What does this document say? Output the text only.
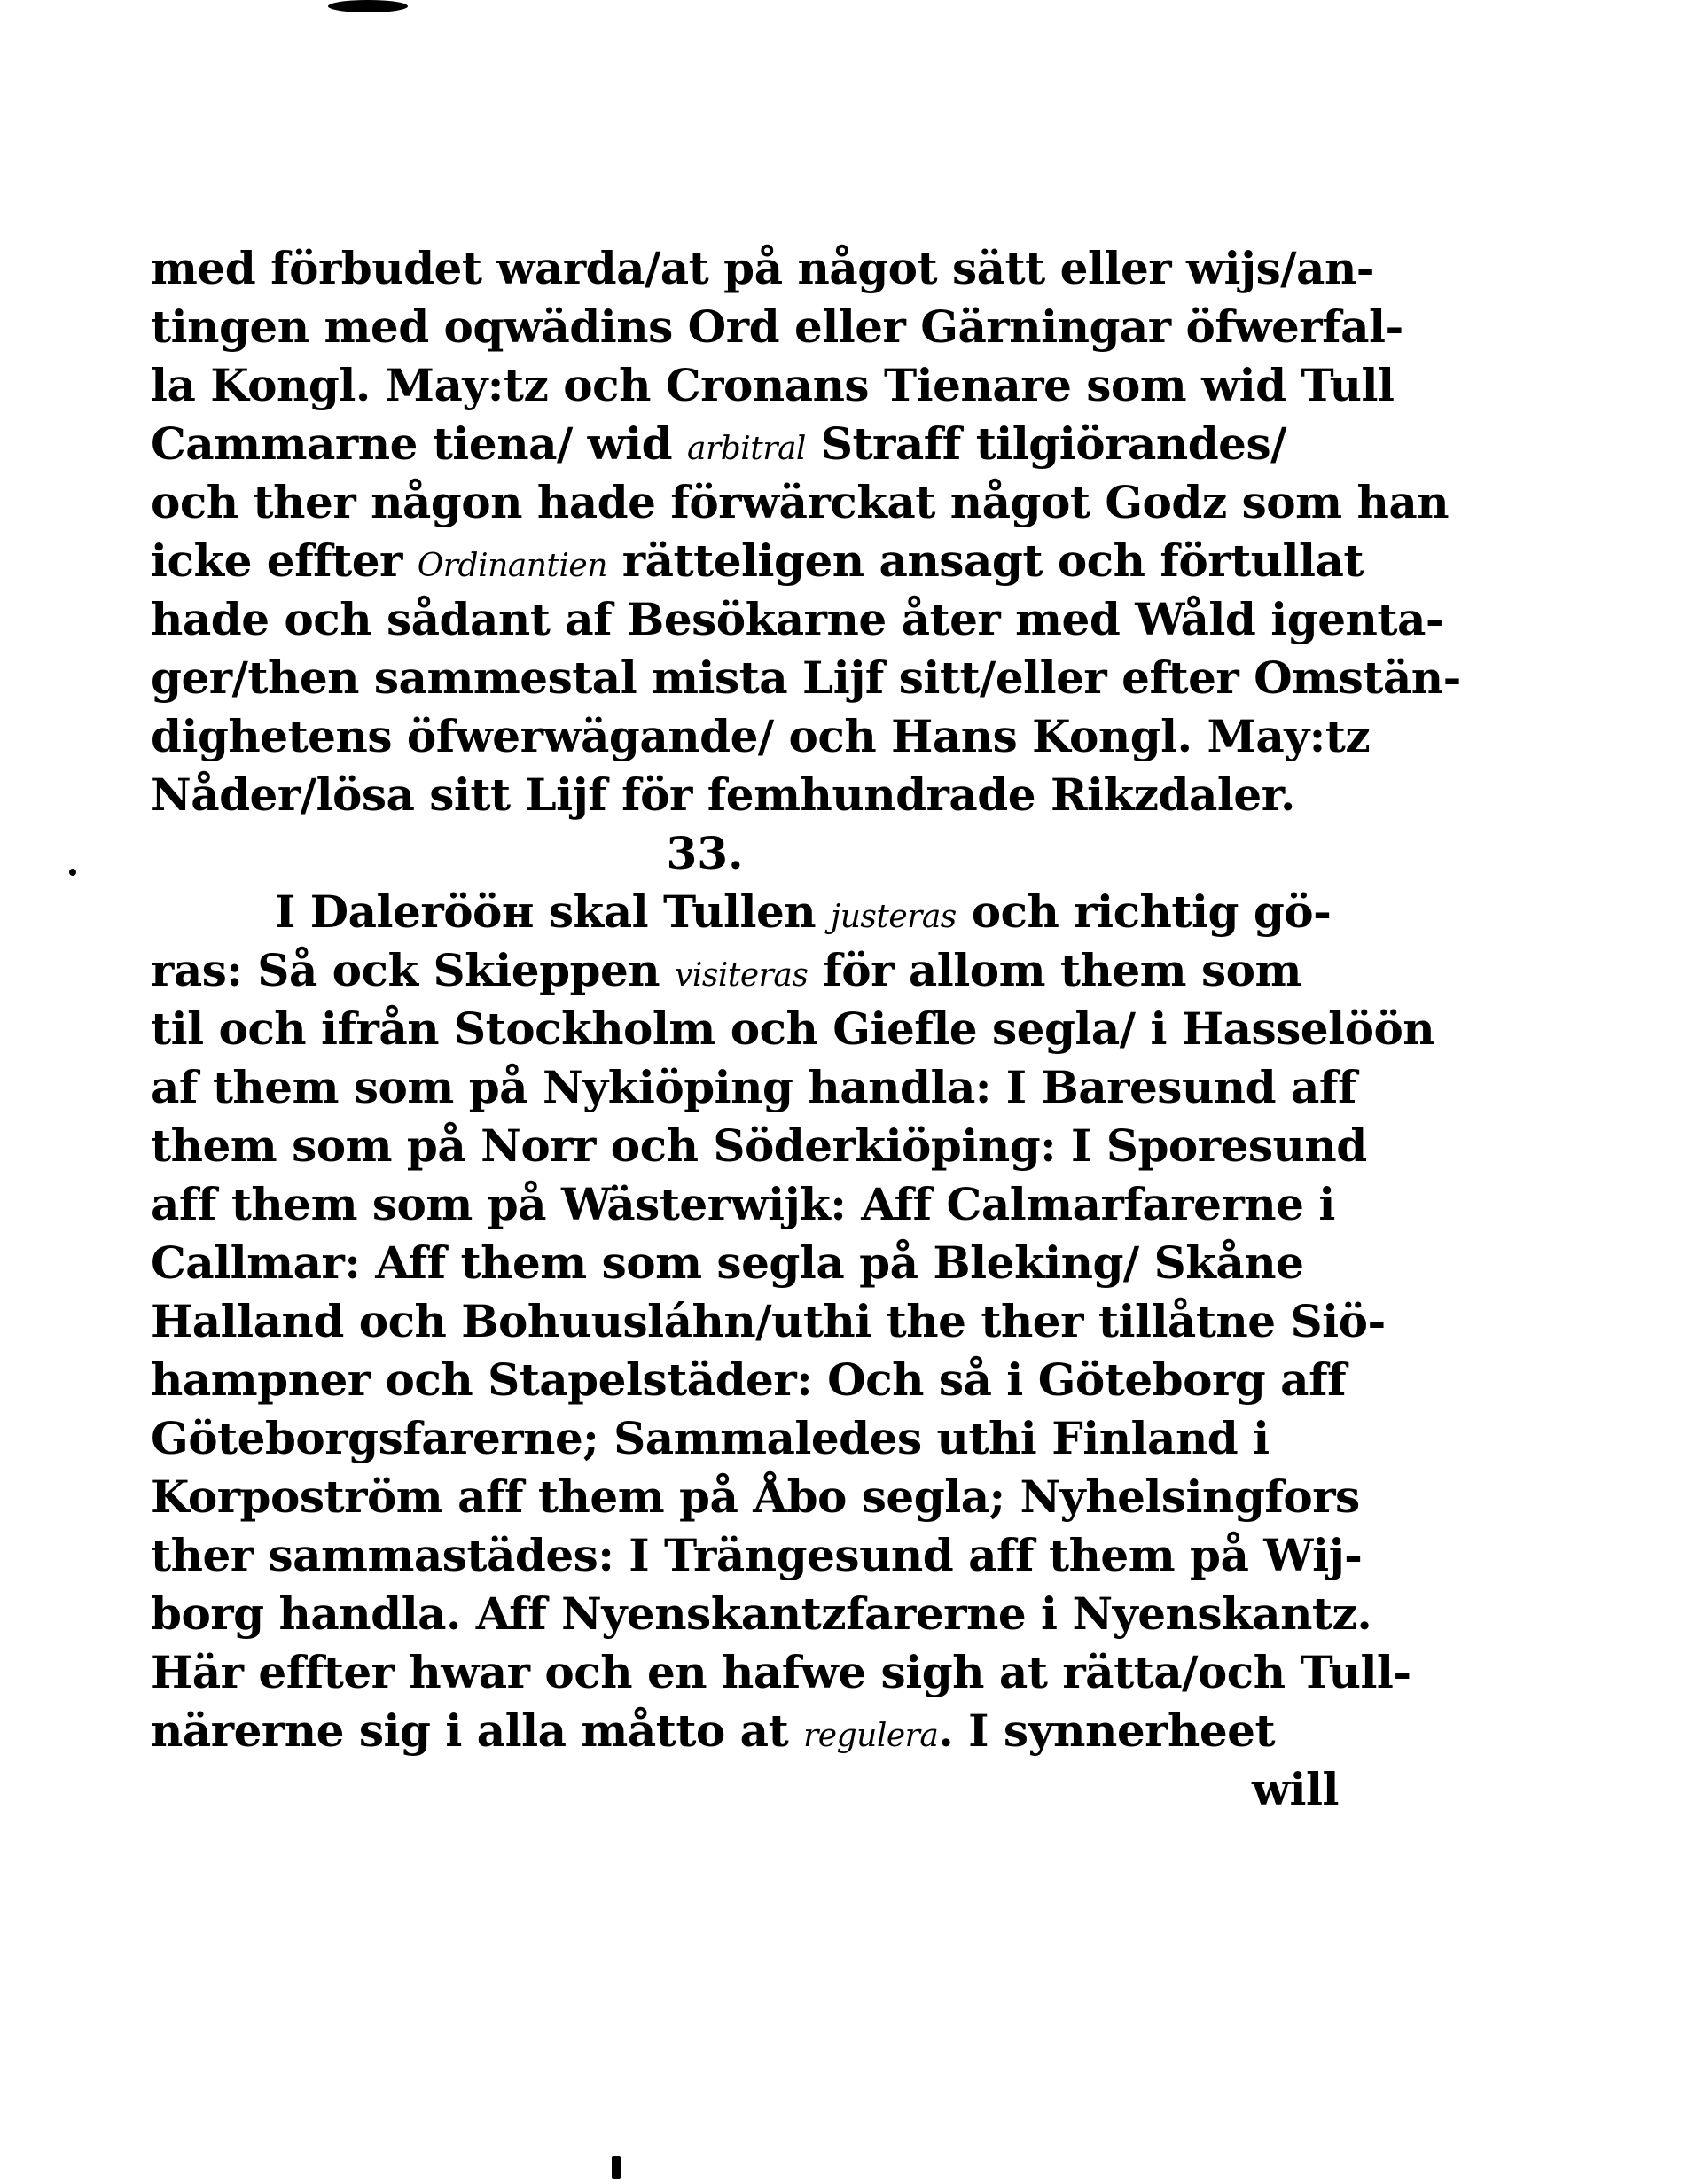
med förbudet warda/at på något sätt eller wijs/an-
tingen med oqwädins Ord eller Gärningar öfwerfal-
la Kongl. May:tz och Cronans Tienare som wid Tull
Cammarne tiena/ wid arbitral Straff tilgiörandes/
och ther någon hade förwärckat något Godz som han
icke effter Ordinantien rätteligen ansagt och förtullat
hade och sådant af Besökarne åter med Wåld igenta-
ger/then sammestal mista Lijf sitt/eller efter Omstän-
dighetens öfwerwägande/ och Hans Kongl. May:tz
Nåder/lösa sitt Lijf för femhundrade Rikzdaler.
33.
I Dalerööн skal Tullen justeras och richtig gö-
ras: Så ock Skieppen visiteras för allom them som
til och ifrån Stockholm och Giefle segla/ i Hasselöön
af them som på Nykiöping handla: I Baresund aff
them som på Norr och Söderkiöping: I Sporesund
aff them som på Wästerwijk: Aff Calmarfarerne i
Callmar: Aff them som segla på Bleking/ Skåne
Halland och Bohuusláhn/uthi the ther tillåtne Siö-
hampner och Stapelstäder: Och så i Göteborg aff
Göteborgsfarerne; Sammaledes uthi Finland i
Korpoström aff them på Åbo segla; Nyhelsingfors
ther sammastädes: I Trängesund aff them på Wij-
borg handla. Aff Nyenskantzfarerne i Nyenskantz.
Här effter hwar och en hafwe sigh at rätta/och Tull-
närerne sig i alla måtto at regulera. I synnerheet
will
